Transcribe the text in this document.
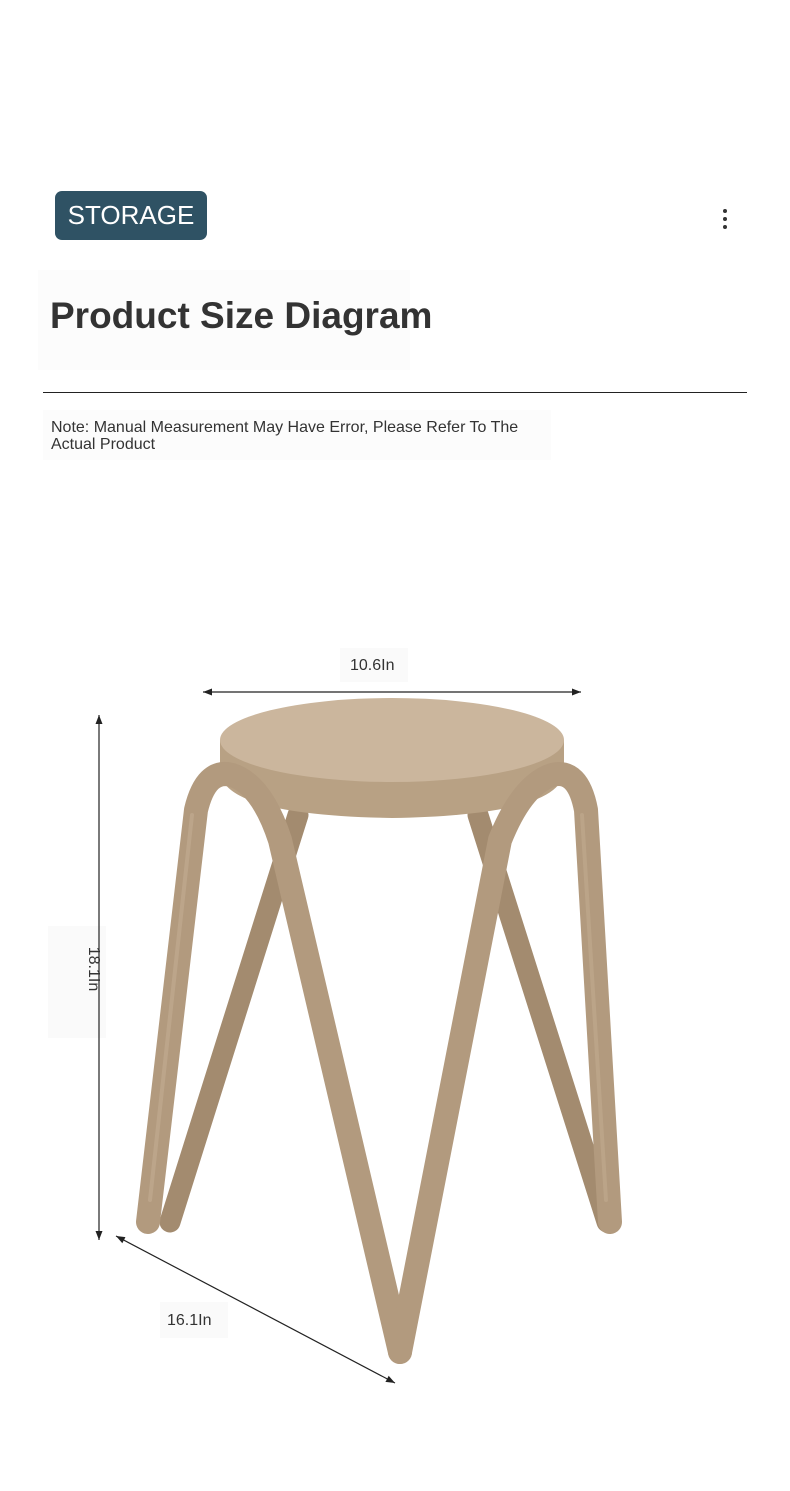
STORAGE
Product Size Diagram

Note: Manual Measurement May Have Error, Please Refer To The Actual Product

10.6In
18.1In
16.1In
